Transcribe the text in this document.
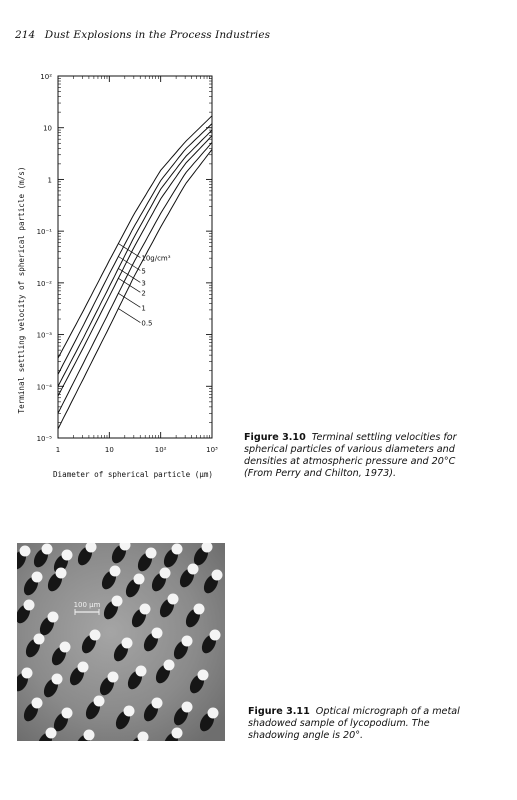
214 Dust Explosions in the Process Industries
1	10	10²	10³
10⁻⁵
10⁻⁴
10⁻³
10⁻²
10⁻¹
1
10
10²
10g/cm³
5
3
2
1
0.5
Diameter of spherical particle (µm)
Terminal settling velocity of spherical particle (m/s)
Figure 3.10 Terminal settling velocities for spherical particles of various diameters and densities at atmospheric pressure and 20°C (From Perry and Chilton, 1973).
100 µm
Figure 3.11 Optical micrograph of a metal shadowed sample of lycopodium. The shadowing angle is 20°.
